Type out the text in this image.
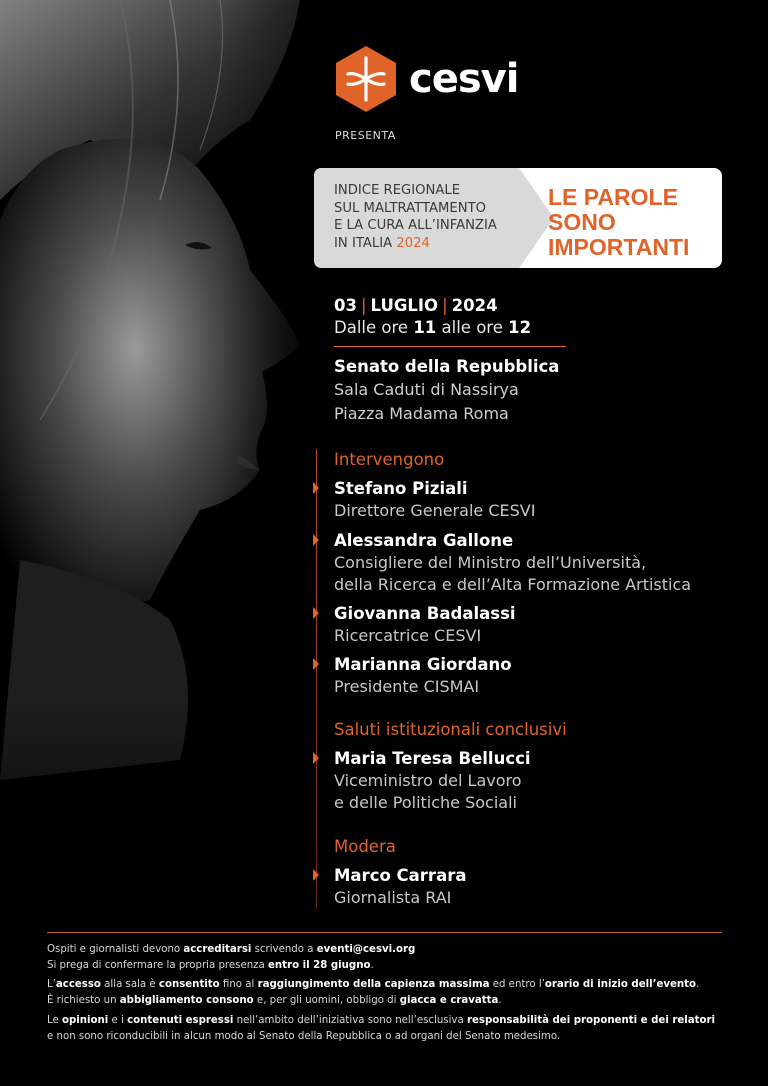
cesvi
PRESENTA
INDICE REGIONALE
SUL MALTRATTAMENTO
E LA CURA ALL’INFANZIA
IN ITALIA 2024
LE PAROLE
SONO
IMPORTANTI
03 | LUGLIO | 2024
Dalle ore 11 alle ore 12
Senato della Repubblica
Sala Caduti di Nassirya
Piazza Madama Roma
Intervengono
Stefano Piziali
Direttore Generale CESVI
Alessandra Gallone
Consigliere del Ministro dell’Università,
della Ricerca e dell’Alta Formazione Artistica
Giovanna Badalassi
Ricercatrice CESVI
Marianna Giordano
Presidente CISMAI
Saluti istituzionali conclusivi
Maria Teresa Bellucci
Viceministro del Lavoro
e delle Politiche Sociali
Modera
Marco Carrara
Giornalista RAI
Ospiti e giornalisti devono accreditarsi scrivendo a eventi@cesvi.org
Si prega di confermare la propria presenza entro il 28 giugno.
L’accesso alla sala è consentito fino al raggiungimento della capienza massima ed entro l’orario di inizio dell’evento.
È richiesto un abbigliamento consono e, per gli uomini, obbligo di giacca e cravatta.
Le opinioni e i contenuti espressi nell’ambito dell’iniziativa sono nell’esclusiva responsabilità dei proponenti e dei relatori
e non sono riconducibili in alcun modo al Senato della Repubblica o ad organi del Senato medesimo.
